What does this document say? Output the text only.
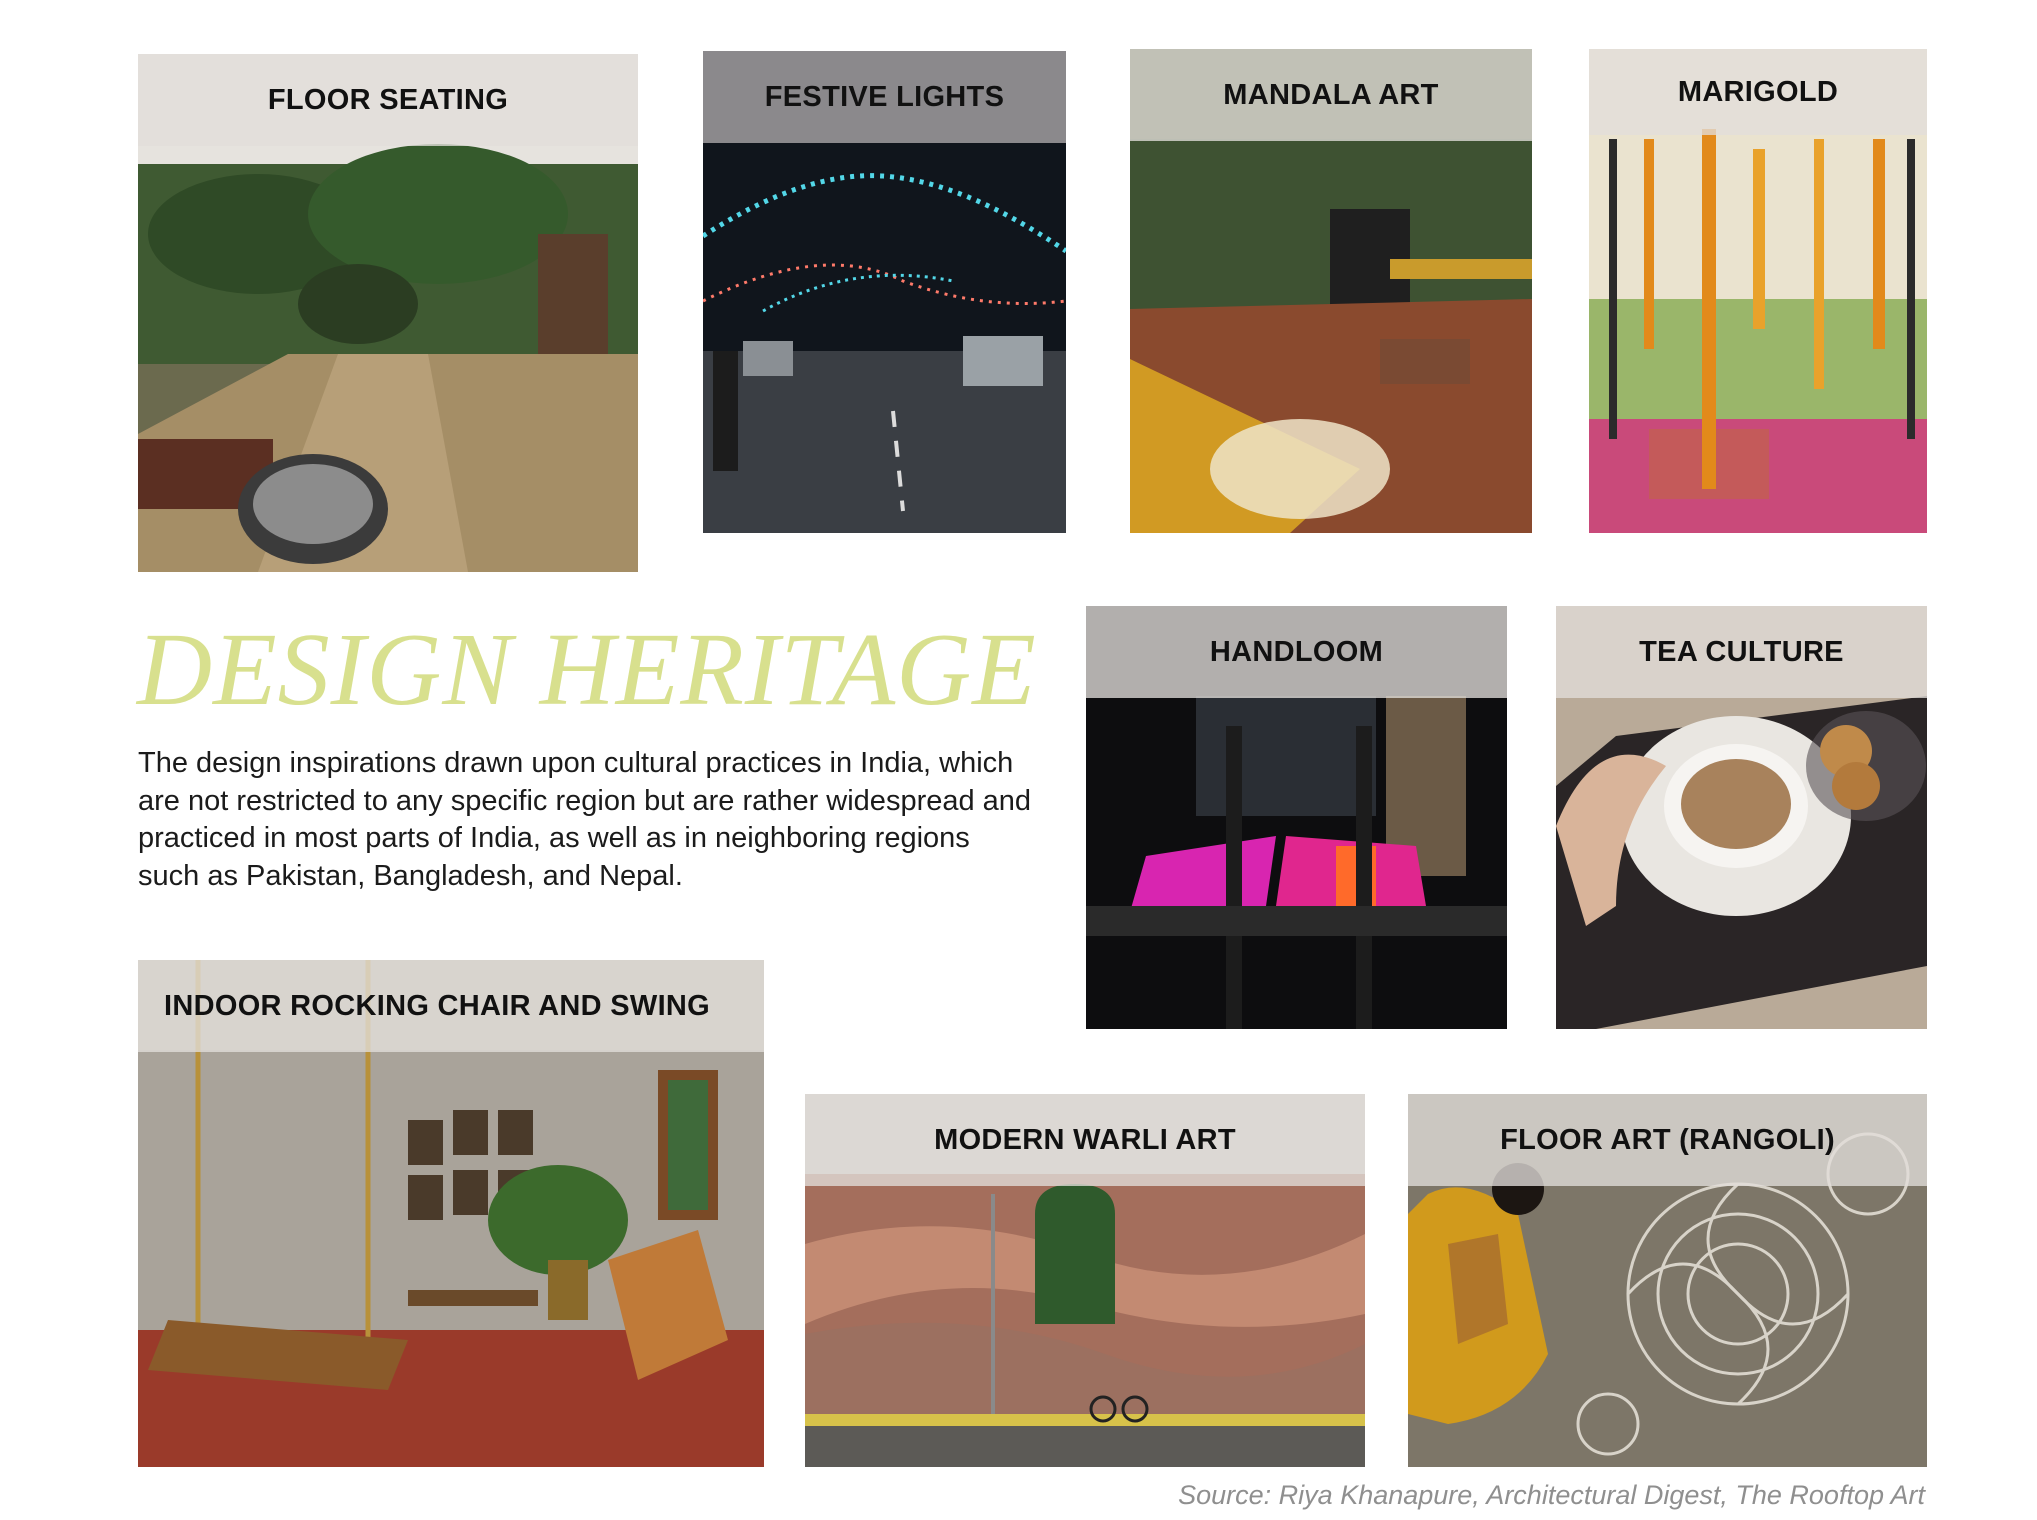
FLOOR SEATING	FESTIVE LIGHTS	MANDALA ART	MARIGOLD
HANDLOOM	TEA CULTURE
INDOOR ROCKING CHAIR AND SWING
MODERN WARLI ART	FLOOR ART (RANGOLI)
DESIGN HERITAGE

The design inspirations drawn upon cultural practices in India, which are not restricted to any specific region but are rather widespread and practiced in most parts of India, as well as in neighboring regions such as Pakistan, Bangladesh, and Nepal.

Source: Riya Khanapure, Architectural Digest, The Rooftop Art
